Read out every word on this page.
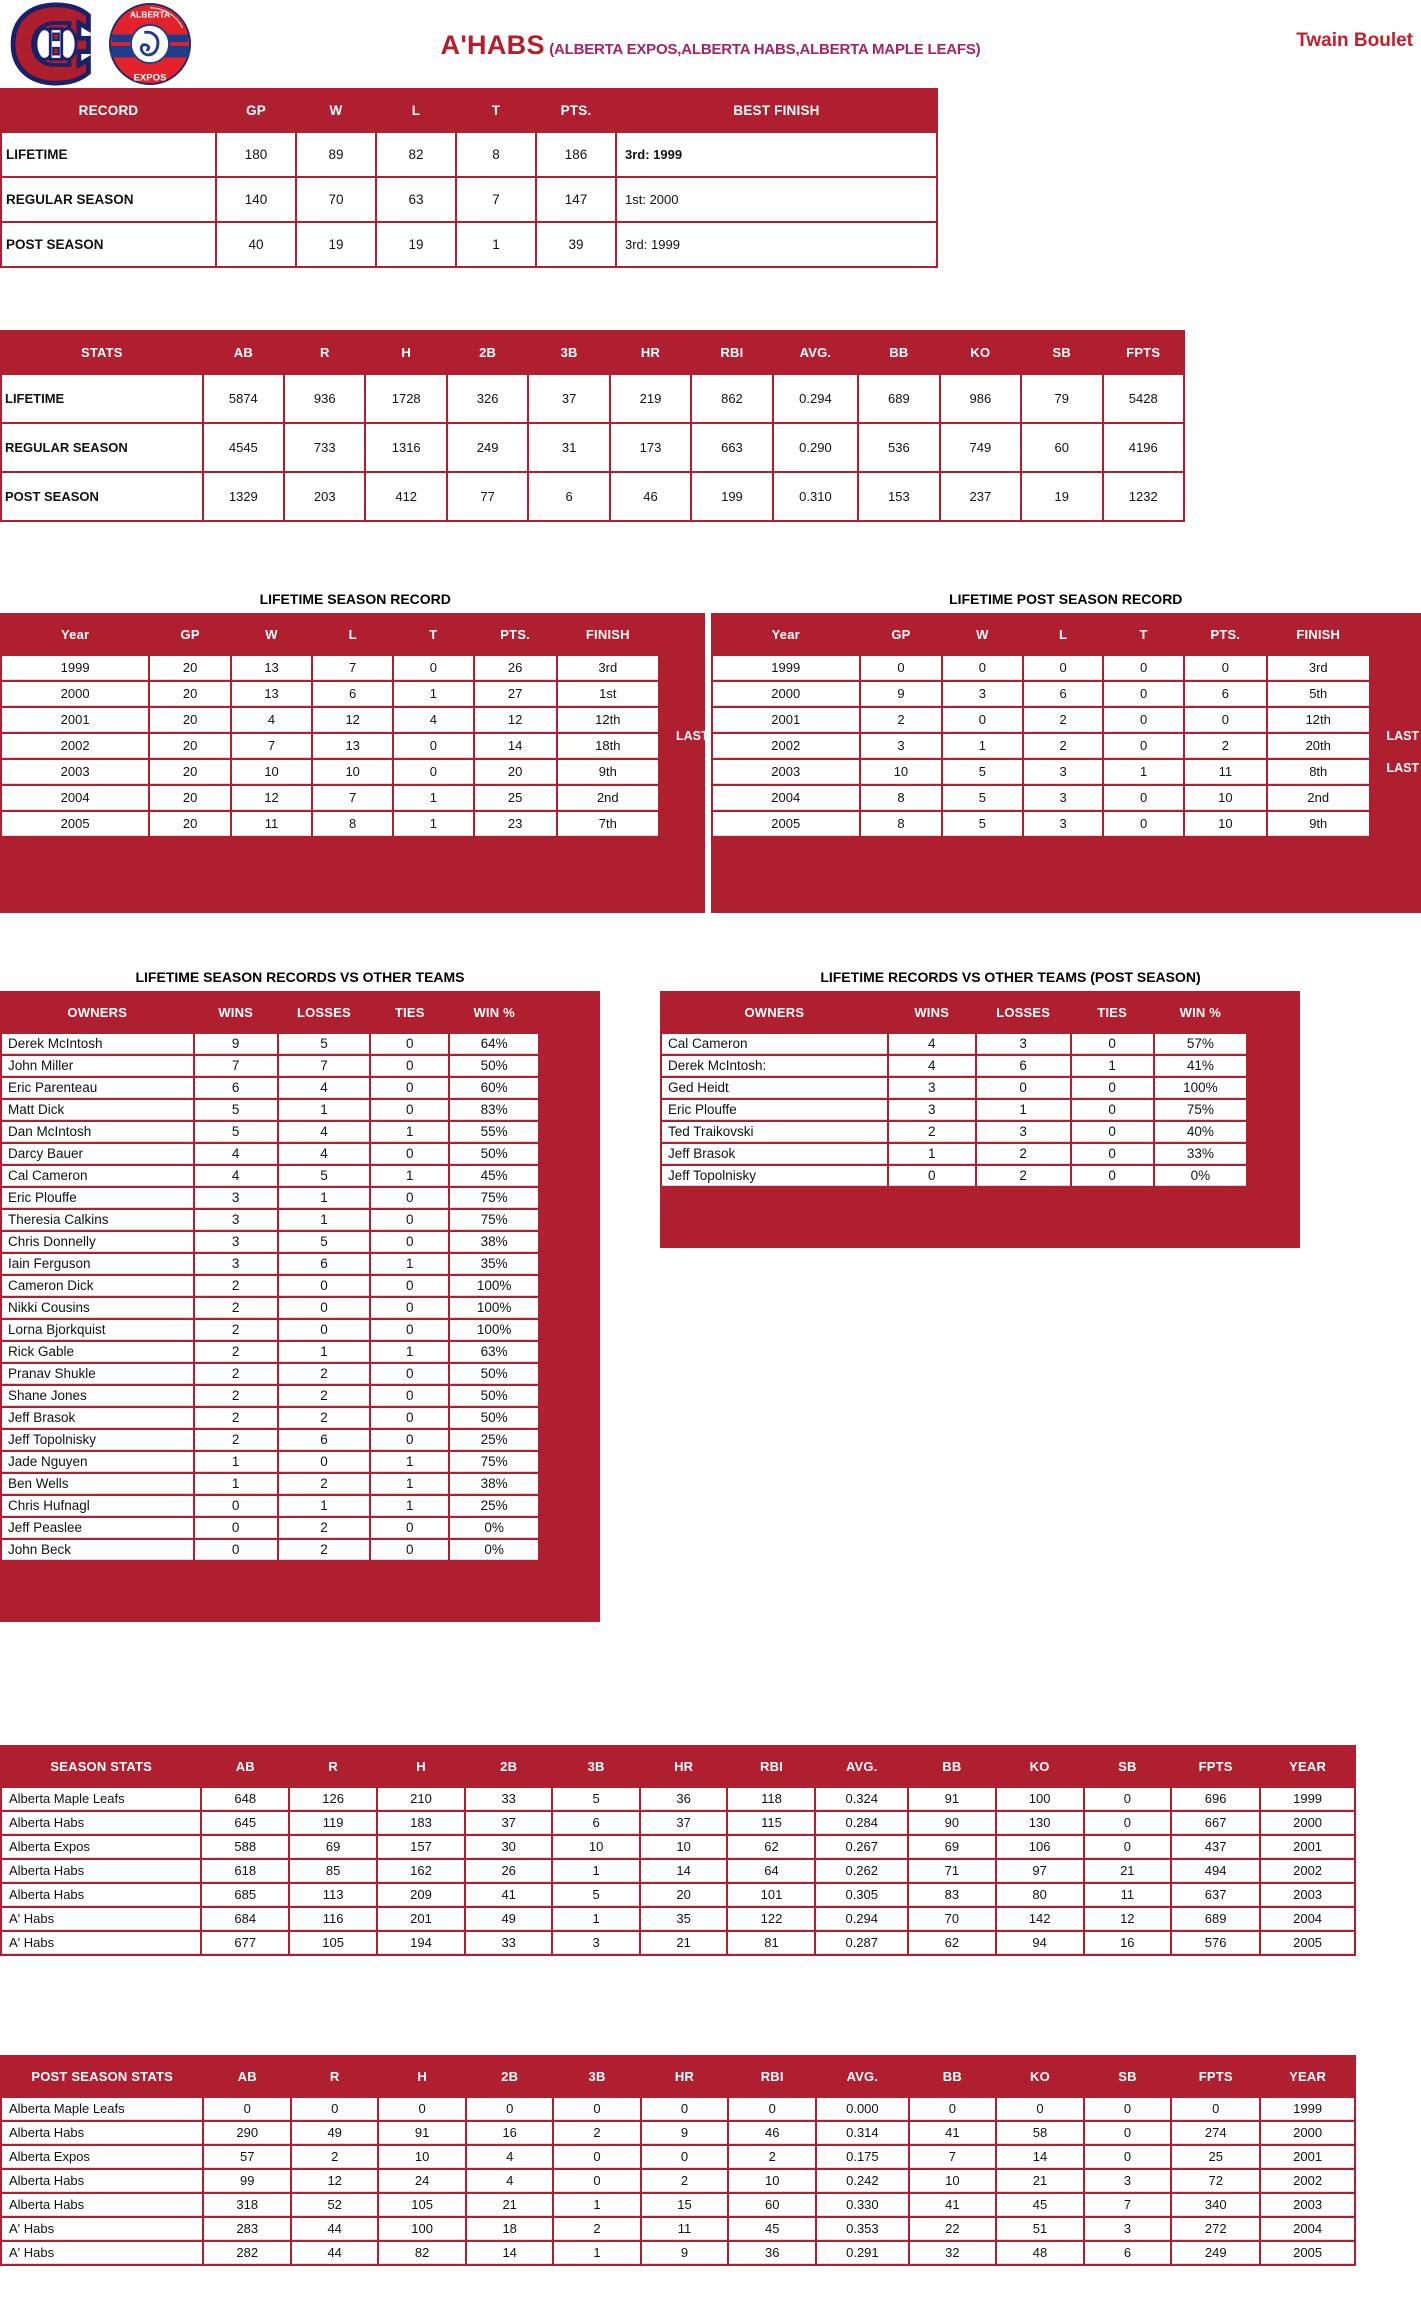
ALBERTA
EXPOS
A'HABS (ALBERTA EXPOS,ALBERTA HABS,ALBERTA MAPLE LEAFS)	Twain Boulet
RECORD	GP	W	L	T	PTS.	BEST FINISH
LIFETIME	180	89	82	8	186	3rd: 1999
REGULAR SEASON	140	70	63	7	147	1st: 2000
POST SEASON	40	19	19	1	39	3rd: 1999
STATS	AB	R	H	2B	3B	HR	RBI	AVG.	BB	KO	SB	FPTS
LIFETIME	5874	936	1728	326	37	219	862	0.294	689	986	79	5428
REGULAR SEASON	4545	733	1316	249	31	173	663	0.290	536	749	60	4196
POST SEASON	1329	203	412	77	6	46	199	0.310	153	237	19	1232
LIFETIME SEASON RECORD	LIFETIME POST SEASON RECORD
Year	GP	W	L	T	PTS.	FINISH
1999	20	13	7	0	26	3rd
2000	20	13	6	1	27	1st
2001	20	4	12	4	12	12th
2002	20	7	13	0	14	18th
2003	20	10	10	0	20	9th
2004	20	12	7	1	25	2nd
2005	20	11	8	1	23	7th
LAST
Year	GP	W	L	T	PTS.	FINISH
1999	0	0	0	0	0	3rd
2000	9	3	6	0	6	5th
2001	2	0	2	0	0	12th
2002	3	1	2	0	2	20th
2003	10	5	3	1	11	8th
2004	8	5	3	0	10	2nd
2005	8	5	3	0	10	9th
LAST
LAST
LIFETIME SEASON RECORDS VS OTHER TEAMS	LIFETIME RECORDS VS OTHER TEAMS (POST SEASON)
OWNERS	WINS	LOSSES	TIES	WIN %
Derek McIntosh	9	5	0	64%
John Miller	7	7	0	50%
Eric Parenteau	6	4	0	60%
Matt Dick	5	1	0	83%
Dan McIntosh	5	4	1	55%
Darcy Bauer	4	4	0	50%
Cal Cameron	4	5	1	45%
Eric Plouffe	3	1	0	75%
Theresia Calkins	3	1	0	75%
Chris Donnelly	3	5	0	38%
Iain Ferguson	3	6	1	35%
Cameron Dick	2	0	0	100%
Nikki Cousins	2	0	0	100%
Lorna Bjorkquist	2	0	0	100%
Rick Gable	2	1	1	63%
Pranav Shukle	2	2	0	50%
Shane Jones	2	2	0	50%
Jeff Brasok	2	2	0	50%
Jeff Topolnisky	2	6	0	25%
Jade Nguyen	1	0	1	75%
Ben Wells	1	2	1	38%
Chris Hufnagl	0	1	1	25%
Jeff Peaslee	0	2	0	0%
John Beck	0	2	0	0%
OWNERS	WINS	LOSSES	TIES	WIN %
Cal Cameron	4	3	0	57%
Derek McIntosh:	4	6	1	41%
Ged Heidt	3	0	0	100%
Eric Plouffe	3	1	0	75%
Ted Traikovski	2	3	0	40%
Jeff Brasok	1	2	0	33%
Jeff Topolnisky	0	2	0	0%
SEASON STATS	AB	R	H	2B	3B	HR	RBI	AVG.	BB	KO	SB	FPTS	YEAR
Alberta Maple Leafs	648	126	210	33	5	36	118	0.324	91	100	0	696	1999
Alberta Habs	645	119	183	37	6	37	115	0.284	90	130	0	667	2000
Alberta Expos	588	69	157	30	10	10	62	0.267	69	106	0	437	2001
Alberta Habs	618	85	162	26	1	14	64	0.262	71	97	21	494	2002
Alberta Habs	685	113	209	41	5	20	101	0.305	83	80	11	637	2003
A' Habs	684	116	201	49	1	35	122	0.294	70	142	12	689	2004
A' Habs	677	105	194	33	3	21	81	0.287	62	94	16	576	2005
POST SEASON STATS	AB	R	H	2B	3B	HR	RBI	AVG.	BB	KO	SB	FPTS	YEAR
Alberta Maple Leafs	0	0	0	0	0	0	0	0.000	0	0	0	0	1999
Alberta Habs	290	49	91	16	2	9	46	0.314	41	58	0	274	2000
Alberta Expos	57	2	10	4	0	0	2	0.175	7	14	0	25	2001
Alberta Habs	99	12	24	4	0	2	10	0.242	10	21	3	72	2002
Alberta Habs	318	52	105	21	1	15	60	0.330	41	45	7	340	2003
A' Habs	283	44	100	18	2	11	45	0.353	22	51	3	272	2004
A' Habs	282	44	82	14	1	9	36	0.291	32	48	6	249	2005
